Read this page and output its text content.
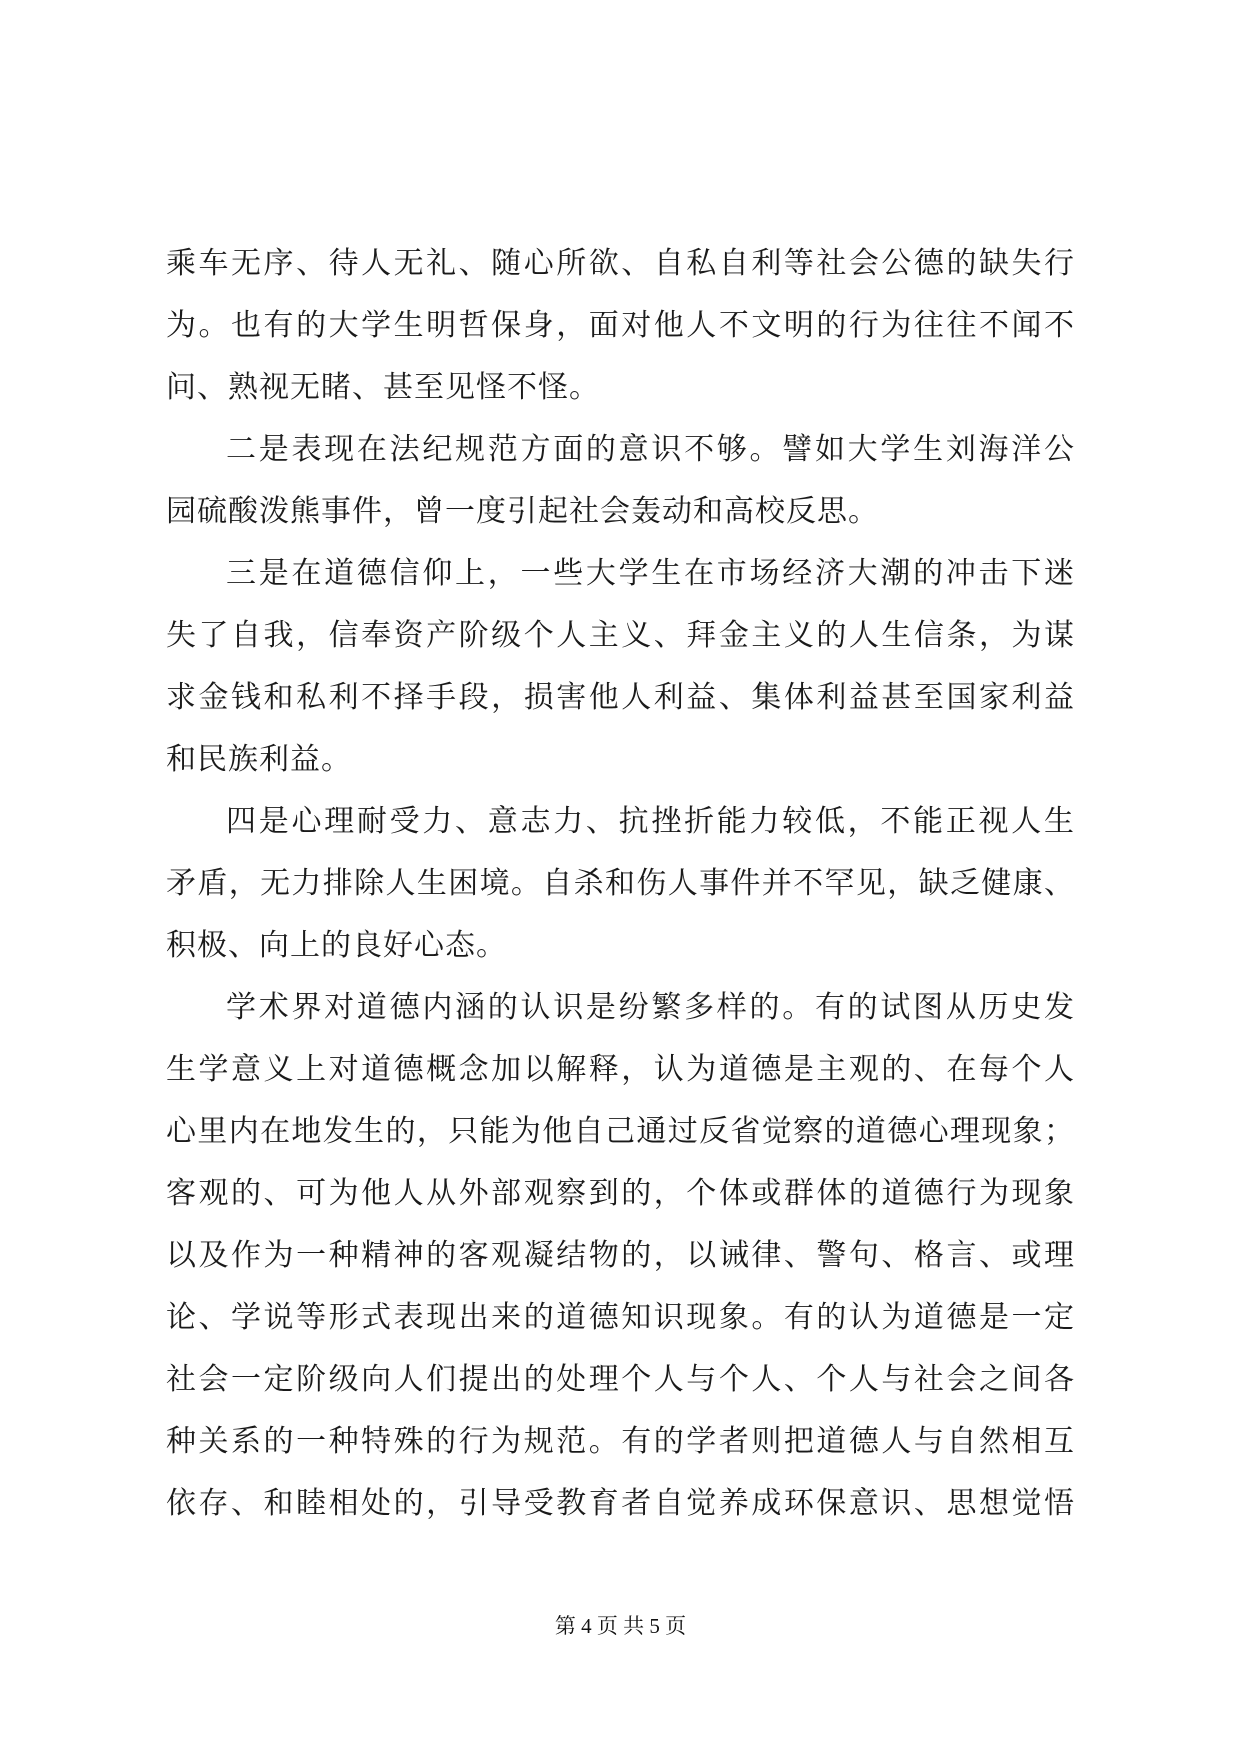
乘车无序、待人无礼、随心所欲、自私自利等社会公德的缺失行
为。也有的大学生明哲保身，面对他人不文明的行为往往不闻不
问、熟视无睹、甚至见怪不怪。
二是表现在法纪规范方面的意识不够。譬如大学生刘海洋公
园硫酸泼熊事件，曾一度引起社会轰动和高校反思。
三是在道德信仰上，一些大学生在市场经济大潮的冲击下迷
失了自我，信奉资产阶级个人主义、拜金主义的人生信条，为谋
求金钱和私利不择手段，损害他人利益、集体利益甚至国家利益
和民族利益。
四是心理耐受力、意志力、抗挫折能力较低，不能正视人生
矛盾，无力排除人生困境。自杀和伤人事件并不罕见，缺乏健康、
积极、向上的良好心态。
学术界对道德内涵的认识是纷繁多样的。有的试图从历史发
生学意义上对道德概念加以解释，认为道德是主观的、在每个人
心里内在地发生的，只能为他自己通过反省觉察的道德心理现象；
客观的、可为他人从外部观察到的，个体或群体的道德行为现象
以及作为一种精神的客观凝结物的，以诫律、警句、格言、或理
论、学说等形式表现出来的道德知识现象。有的认为道德是一定
社会一定阶级向人们提出的处理个人与个人、个人与社会之间各
种关系的一种特殊的行为规范。有的学者则把道德人与自然相互
依存、和睦相处的，引导受教育者自觉养成环保意识、思想觉悟
第 4 页 共 5 页
